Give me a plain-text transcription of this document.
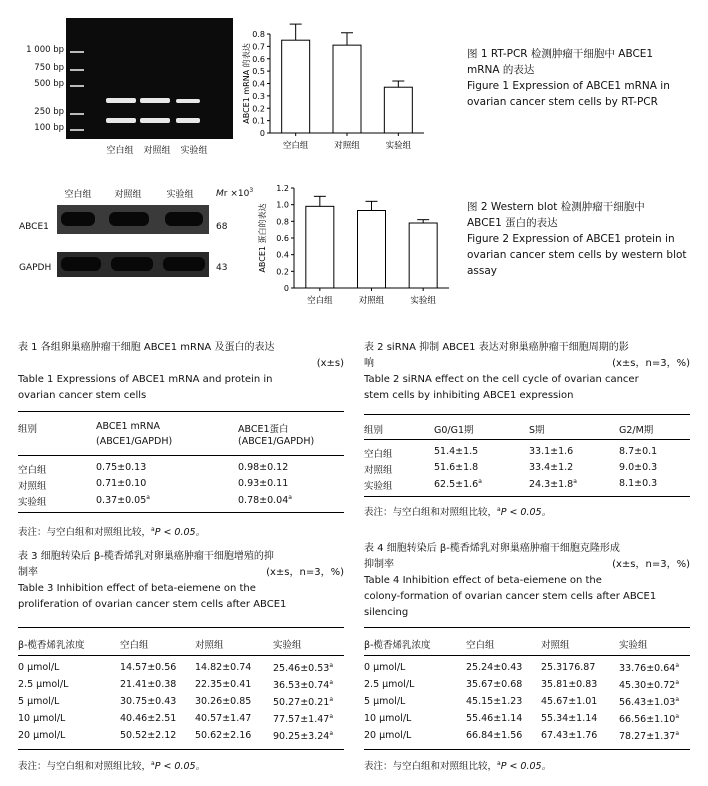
1 000 bp
750 bp
500 bp
250 bp
100 bp
空白组	对照组	实验组
0
0.1
0.2
0.3
0.4
0.5
0.6
0.7
0.8
空白组	对照组	实验组
ABCE1 mRNA 的表达	图 1 RT-PCR 检测肿瘤干细胞中 ABCE1
mRNA 的表达
Figure 1 Expression of ABCE1 mRNA in
ovarian cancer stem cells by RT-PCR
空白组	对照组	实验组	$Mr \times 10^3$
ABCE1	68
GAPDH	43
0
0.2
0.4
0.6
0.8
1.0
1.2
空白组	对照组	实验组
ABCE1 蛋白的表达	图 2 Western blot 检测肿瘤干细胞中
ABCE1 蛋白的表达
Figure 2 Expression of ABCE1 protein in
ovarian cancer stem cells by western blot
assay
表 1 各组卵巢癌肿瘤干细胞 ABCE1 mRNA 及蛋白的表达
(x±s)
Table 1 Expressions of ABCE1 mRNA and protein in
ovarian cancer stem cells
组别	ABCE1 mRNA
(ABCE1/GAPDH)
ABCE1蛋白
(ABCE1/GAPDH)
空白组	0.75±0.13	0.98±0.12
对照组	0.71±0.10	0.93±0.11
实验组	0.37±0.05$^a$	0.78±0.04$^a$
表注：与空白组和对照组比较，$^a$P < 0.05。
表 2 siRNA 抑制 ABCE1 表达对卵巢癌肿瘤干细胞周期的影
响	(x±s，n=3，%)
Table 2 siRNA effect on the cell cycle of ovarian cancer
stem cells by inhibiting ABCE1 expression
组别	G0/G1期	S期	G2/M期
空白组	51.4±1.5	33.1±1.6	8.7±0.1
对照组	51.6±1.8	33.4±1.2	9.0±0.3
实验组	62.5±1.6$^a$	24.3±1.8$^a$	8.1±0.3
表注：与空白组和对照组比较，$^a$P < 0.05。
表 3 细胞转染后 β-榄香烯乳对卵巢癌肿瘤干细胞增殖的抑
制率	(x±s，n=3，%)
Table 3 Inhibition effect of beta-eiemene on the
proliferation of ovarian cancer stem cells after ABCE1
β-榄香烯乳浓度	空白组	对照组	实验组
0 μmol/L	14.57±0.56 14.82±0.74 25.46±0.53$^a$
2.5 μmol/L	21.41±0.38 22.35±0.41 36.53±0.74$^a$
5 μmol/L	30.75±0.43 30.26±0.85 50.27±0.21$^a$
10 μmol/L	40.46±2.51 40.57±1.47 77.57±1.47$^a$
20 μmol/L	50.52±2.12 50.62±2.16 90.25±3.24$^a$
表注：与空白组和对照组比较，$^a$P < 0.05。
表 4 细胞转染后 β-榄香烯乳对卵巢癌肿瘤干细胞克隆形成
抑制率	(x±s，n=3，%)
Table 4 Inhibition effect of beta-eiemene on the
colony-formation of ovarian cancer stem cells after ABCE1
silencing
β-榄香烯乳浓度	空白组	对照组	实验组
0 μmol/L	25.24±0.43 25.3176.87 33.76±0.64$^a$
2.5 μmol/L	35.67±0.68 35.81±0.83 45.30±0.72$^a$
5 μmol/L	45.15±1.23 45.67±1.01 56.43±1.03$^a$
10 μmol/L	55.46±1.14 55.34±1.14 66.56±1.10$^a$
20 μmol/L	66.84±1.56 67.43±1.76 78.27±1.37$^a$
表注：与空白组和对照组比较，$^a$P < 0.05。
